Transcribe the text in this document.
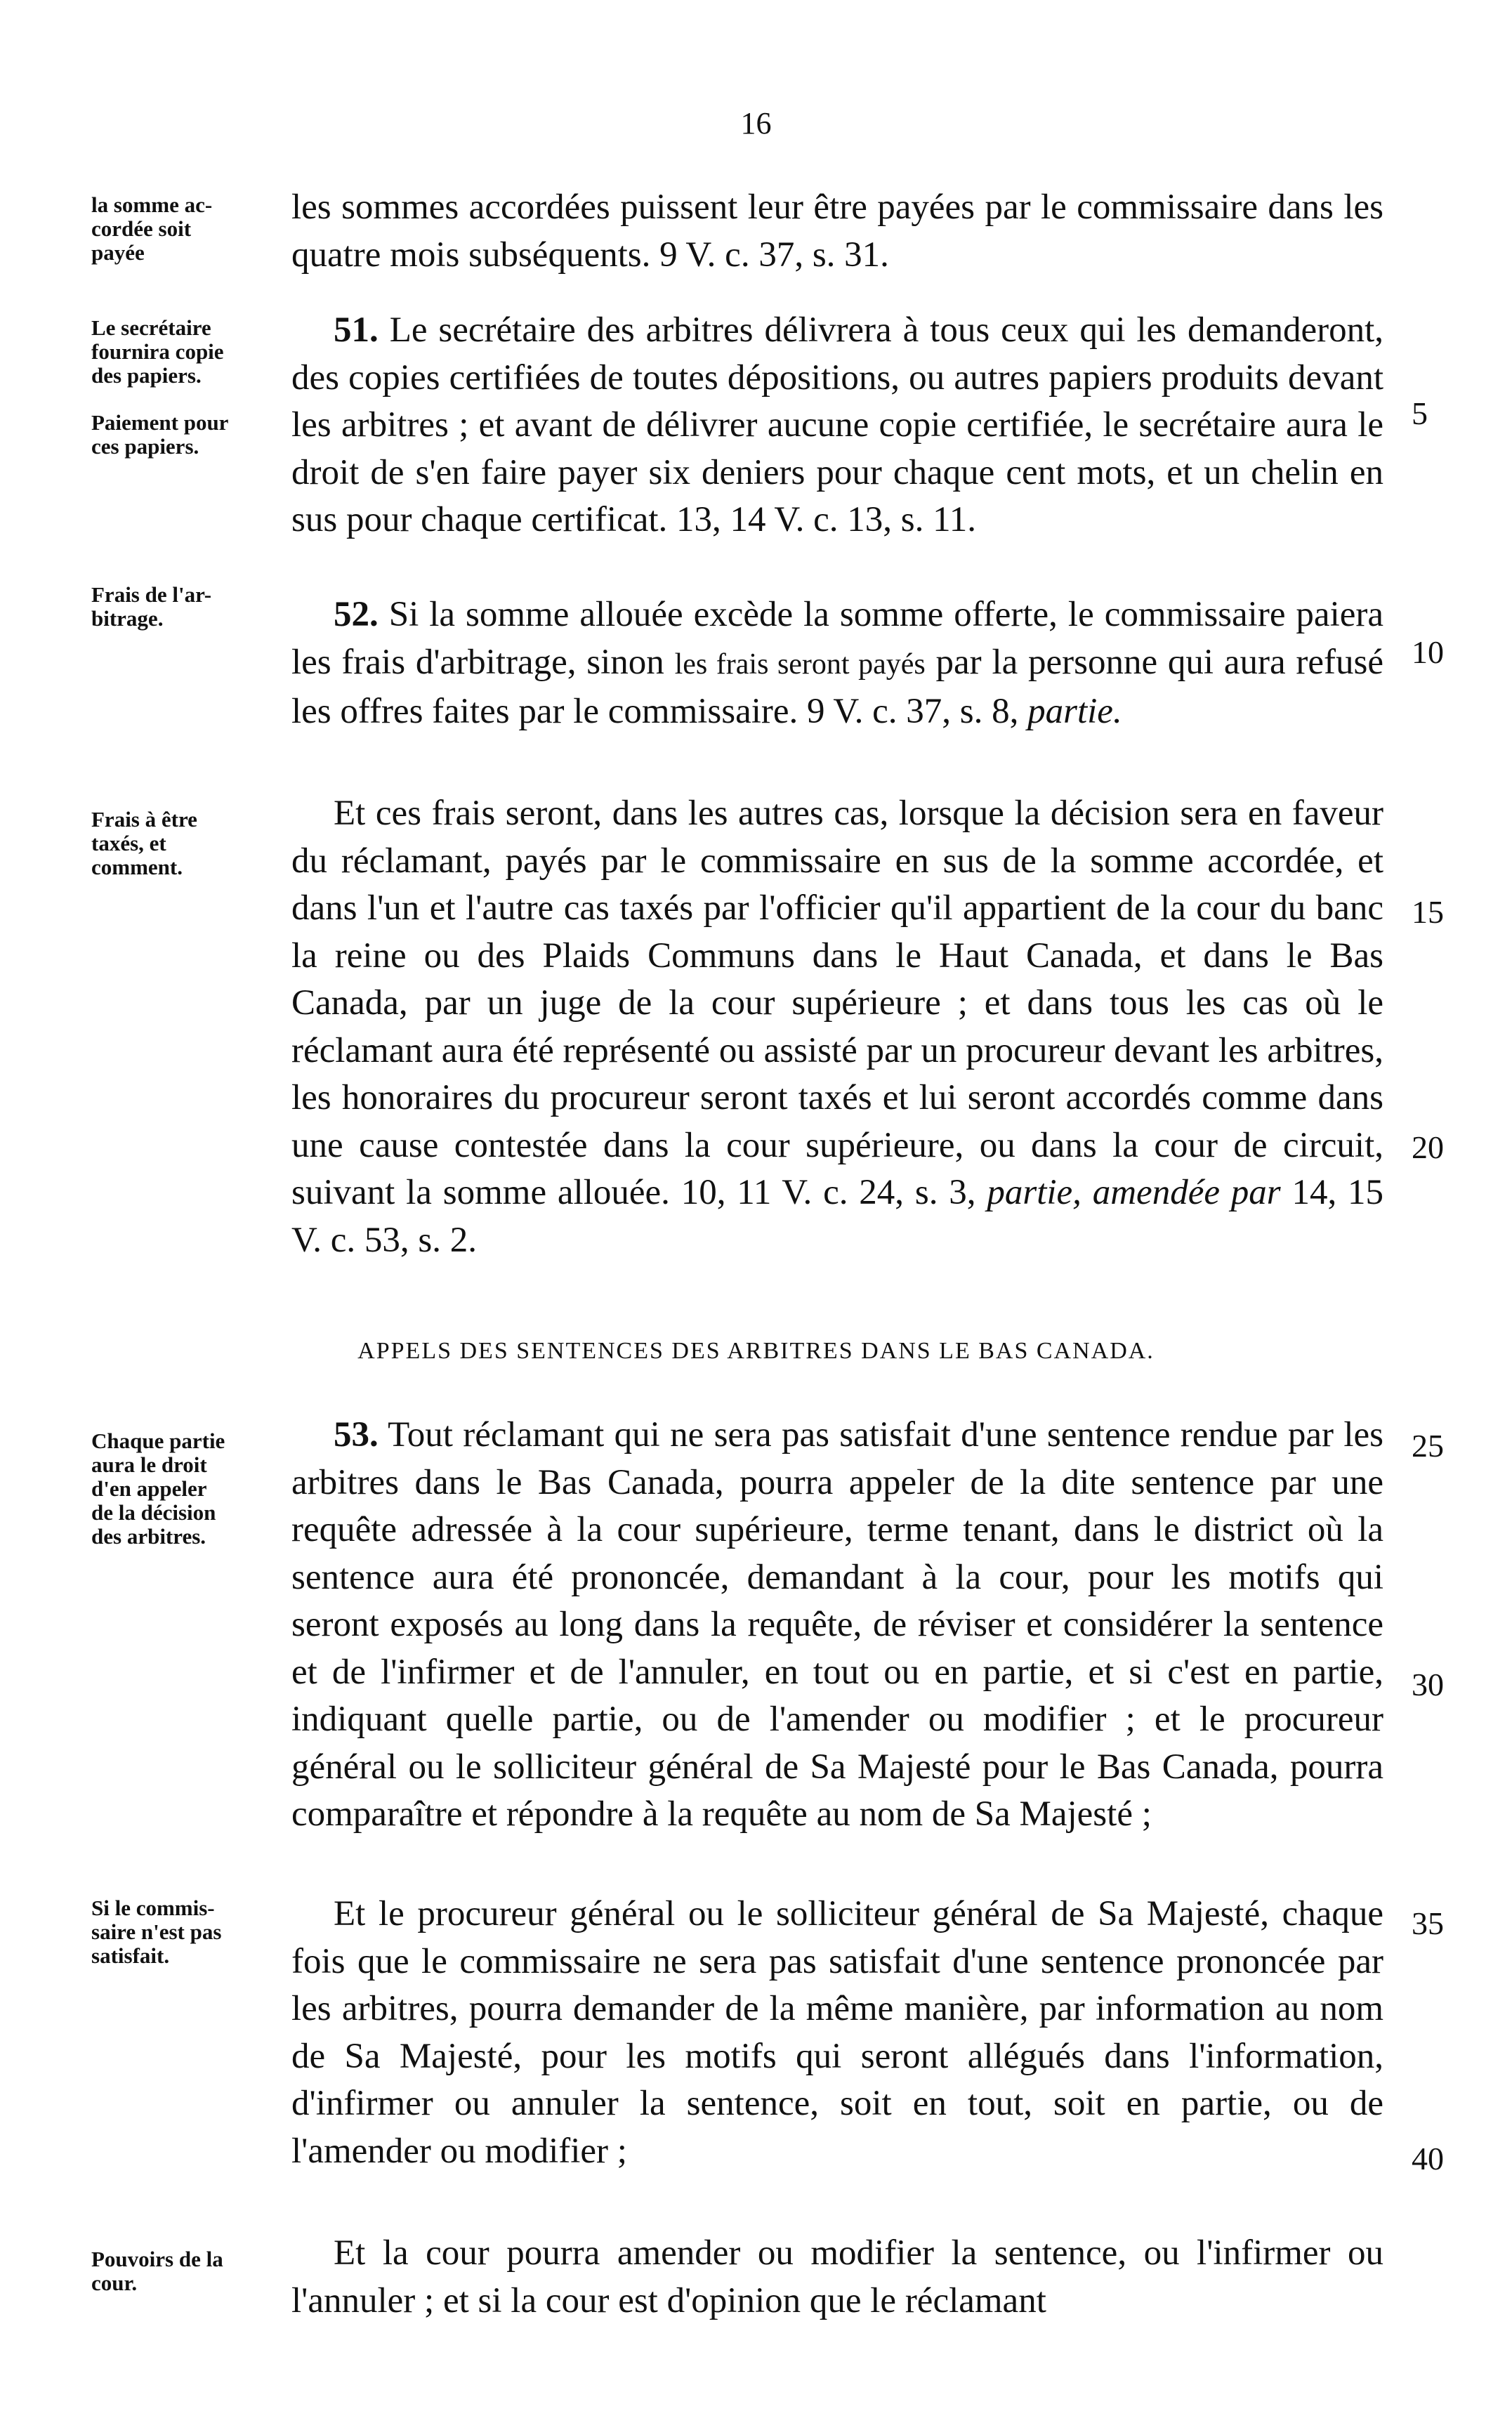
16
la somme ac-
cordée soit
payée
Le secrétaire
fournira copie
des papiers.
Paiement pour
ces papiers.
Frais de l'ar-
bitrage.
Frais à être
taxés, et
comment.
Chaque partie
aura le droit
d'en appeler
de la décision
des arbitres.
Si le commis-
saire n'est pas
satisfait.
Pouvoirs de la
cour.
5
10
15
20
25
30
35
40

les sommes accordées puissent leur être payées par le commissaire dans les quatre mois subséquents. 9 V. c. 37, s. 31.

51. Le secrétaire des arbitres délivrera à tous ceux qui les demanderont, des copies certifiées de toutes dépositions, ou autres papiers produits devant les arbitres ; et avant de délivrer aucune copie certifiée, le secrétaire aura le droit de s'en faire payer six deniers pour chaque cent mots, et un chelin en sus pour chaque certificat. 13, 14 V. c. 13, s. 11.

52. Si la somme allouée excède la somme offerte, le commissaire paiera les frais d'arbitrage, sinon les frais seront payés par la personne qui aura refusé les offres faites par le commissaire. 9 V. c. 37, s. 8, partie.

Et ces frais seront, dans les autres cas, lorsque la décision sera en faveur du réclamant, payés par le commissaire en sus de la somme accordée, et dans l'un et l'autre cas taxés par l'officier qu'il appartient de la cour du banc la reine ou des Plaids Communs dans le Haut Canada, et dans le Bas Canada, par un juge de la cour supérieure ; et dans tous les cas où le réclamant aura été représenté ou assisté par un procureur devant les arbitres, les honoraires du procureur seront taxés et lui seront accordés comme dans une cause contestée dans la cour supérieure, ou dans la cour de circuit, suivant la somme allouée. 10, 11 V. c. 24, s. 3, partie, amendée par 14, 15 V. c. 53, s. 2.

APPELS DES SENTENCES DES ARBITRES DANS LE BAS CANADA.

53. Tout réclamant qui ne sera pas satisfait d'une sentence rendue par les arbitres dans le Bas Canada, pourra appeler de la dite sentence par une requête adressée à la cour supérieure, terme tenant, dans le district où la sentence aura été prononcée, demandant à la cour, pour les motifs qui seront exposés au long dans la requête, de réviser et considérer la sentence et de l'infirmer et de l'annuler, en tout ou en partie, et si c'est en partie, indiquant quelle partie, ou de l'amender ou modifier ; et le procureur général ou le solliciteur général de Sa Majesté pour le Bas Canada, pourra comparaître et répondre à la requête au nom de Sa Majesté ;

Et le procureur général ou le solliciteur général de Sa Majesté, chaque fois que le commissaire ne sera pas satisfait d'une sentence prononcée par les arbitres, pourra demander de la même manière, par information au nom de Sa Majesté, pour les motifs qui seront allégués dans l'information, d'infirmer ou annuler la sentence, soit en tout, soit en partie, ou de l'amender ou modifier ;

Et la cour pourra amender ou modifier la sentence, ou l'infirmer ou l'annuler ; et si la cour est d'opinion que le réclamant
